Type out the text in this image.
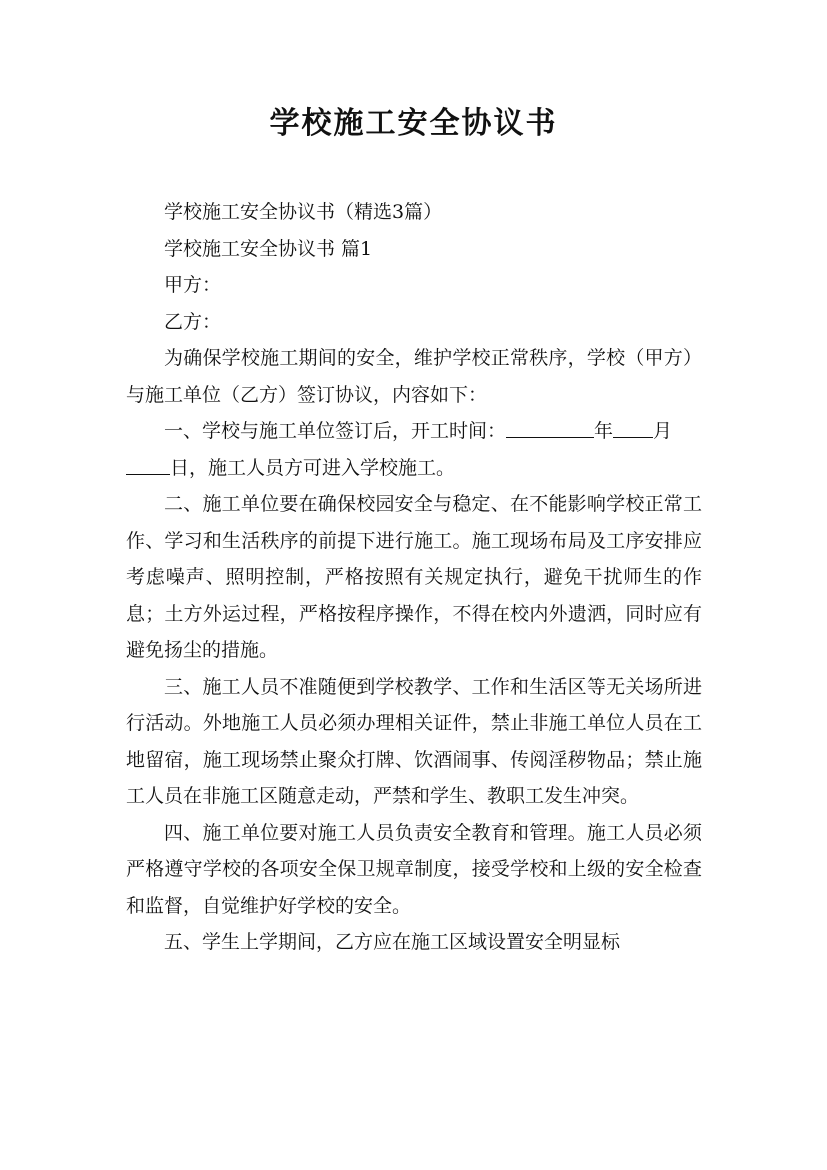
学校施工安全协议书

学校施工安全协议书（精选3篇）

学校施工安全协议书 篇1

甲方：

乙方：

为确保学校施工期间的安全，维护学校正常秩序，学校（甲方）与施工单位（乙方）签订协议，内容如下：

一、学校与施工单位签订后，开工时间：	年 月日，施工人员方可进入学校施工。

二、施工单位要在确保校园安全与稳定、在不能影响学校正常工作、学习和生活秩序的前提下进行施工。施工现场布局及工序安排应考虑噪声、照明控制，严格按照有关规定执行，避免干扰师生的作息；土方外运过程，严格按程序操作，不得在校内外遗洒，同时应有避免扬尘的措施。

三、施工人员不准随便到学校教学、工作和生活区等无关场所进行活动。外地施工人员必须办理相关证件，禁止非施工单位人员在工地留宿，施工现场禁止聚众打牌、饮酒闹事、传阅淫秽物品；禁止施工人员在非施工区随意走动，严禁和学生、教职工发生冲突。

四、施工单位要对施工人员负责安全教育和管理。施工人员必须严格遵守学校的各项安全保卫规章制度，接受学校和上级的安全检查和监督，自觉维护好学校的安全。

五、学生上学期间，乙方应在施工区域设置安全明显标
